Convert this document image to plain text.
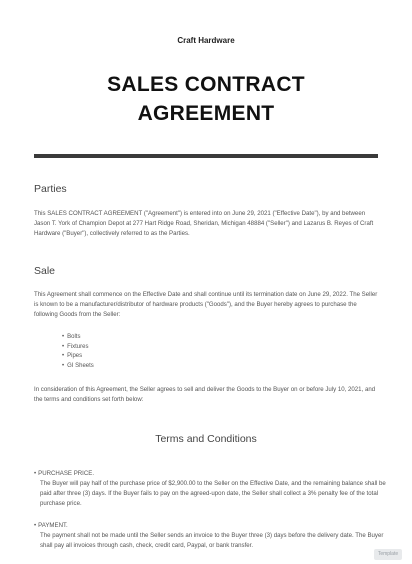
Craft Hardware
SALES CONTRACT
AGREEMENT
Parties
This SALES CONTRACT AGREEMENT ("Agreement") is entered into on June 29, 2021 ("Effective Date"), by and between Jason T. York of Champion Depot at 277 Hart Ridge Road, Sheridan, Michigan 48884 ("Seller") and Lazarus B. Reyes of Craft Hardware ("Buyer"), collectively referred to as the Parties.
Sale
This Agreement shall commence on the Effective Date and shall continue until its termination date on June 29, 2022. The Seller is known to be a manufacturer/distributor of hardware products ("Goods"), and the Buyer hereby agrees to purchase the following Goods from the Seller:
• Bolts
• Fixtures
• Pipes
• GI Sheets
In consideration of this Agreement, the Seller agrees to sell and deliver the Goods to the Buyer on or before July 10, 2021, and the terms and conditions set forth below:
Terms and Conditions
• PURCHASE PRICE.
The Buyer will pay half of the purchase price of $2,900.00 to the Seller on the Effective Date, and the remaining balance shall be paid after three (3) days. If the Buyer fails to pay on the agreed-upon date, the Seller shall collect a 3% penalty fee of the total purchase price.
• PAYMENT.
The payment shall not be made until the Seller sends an invoice to the Buyer three (3) days before the delivery date. The Buyer shall pay all invoices through cash, check, credit card, Paypal, or bank transfer.
Template
